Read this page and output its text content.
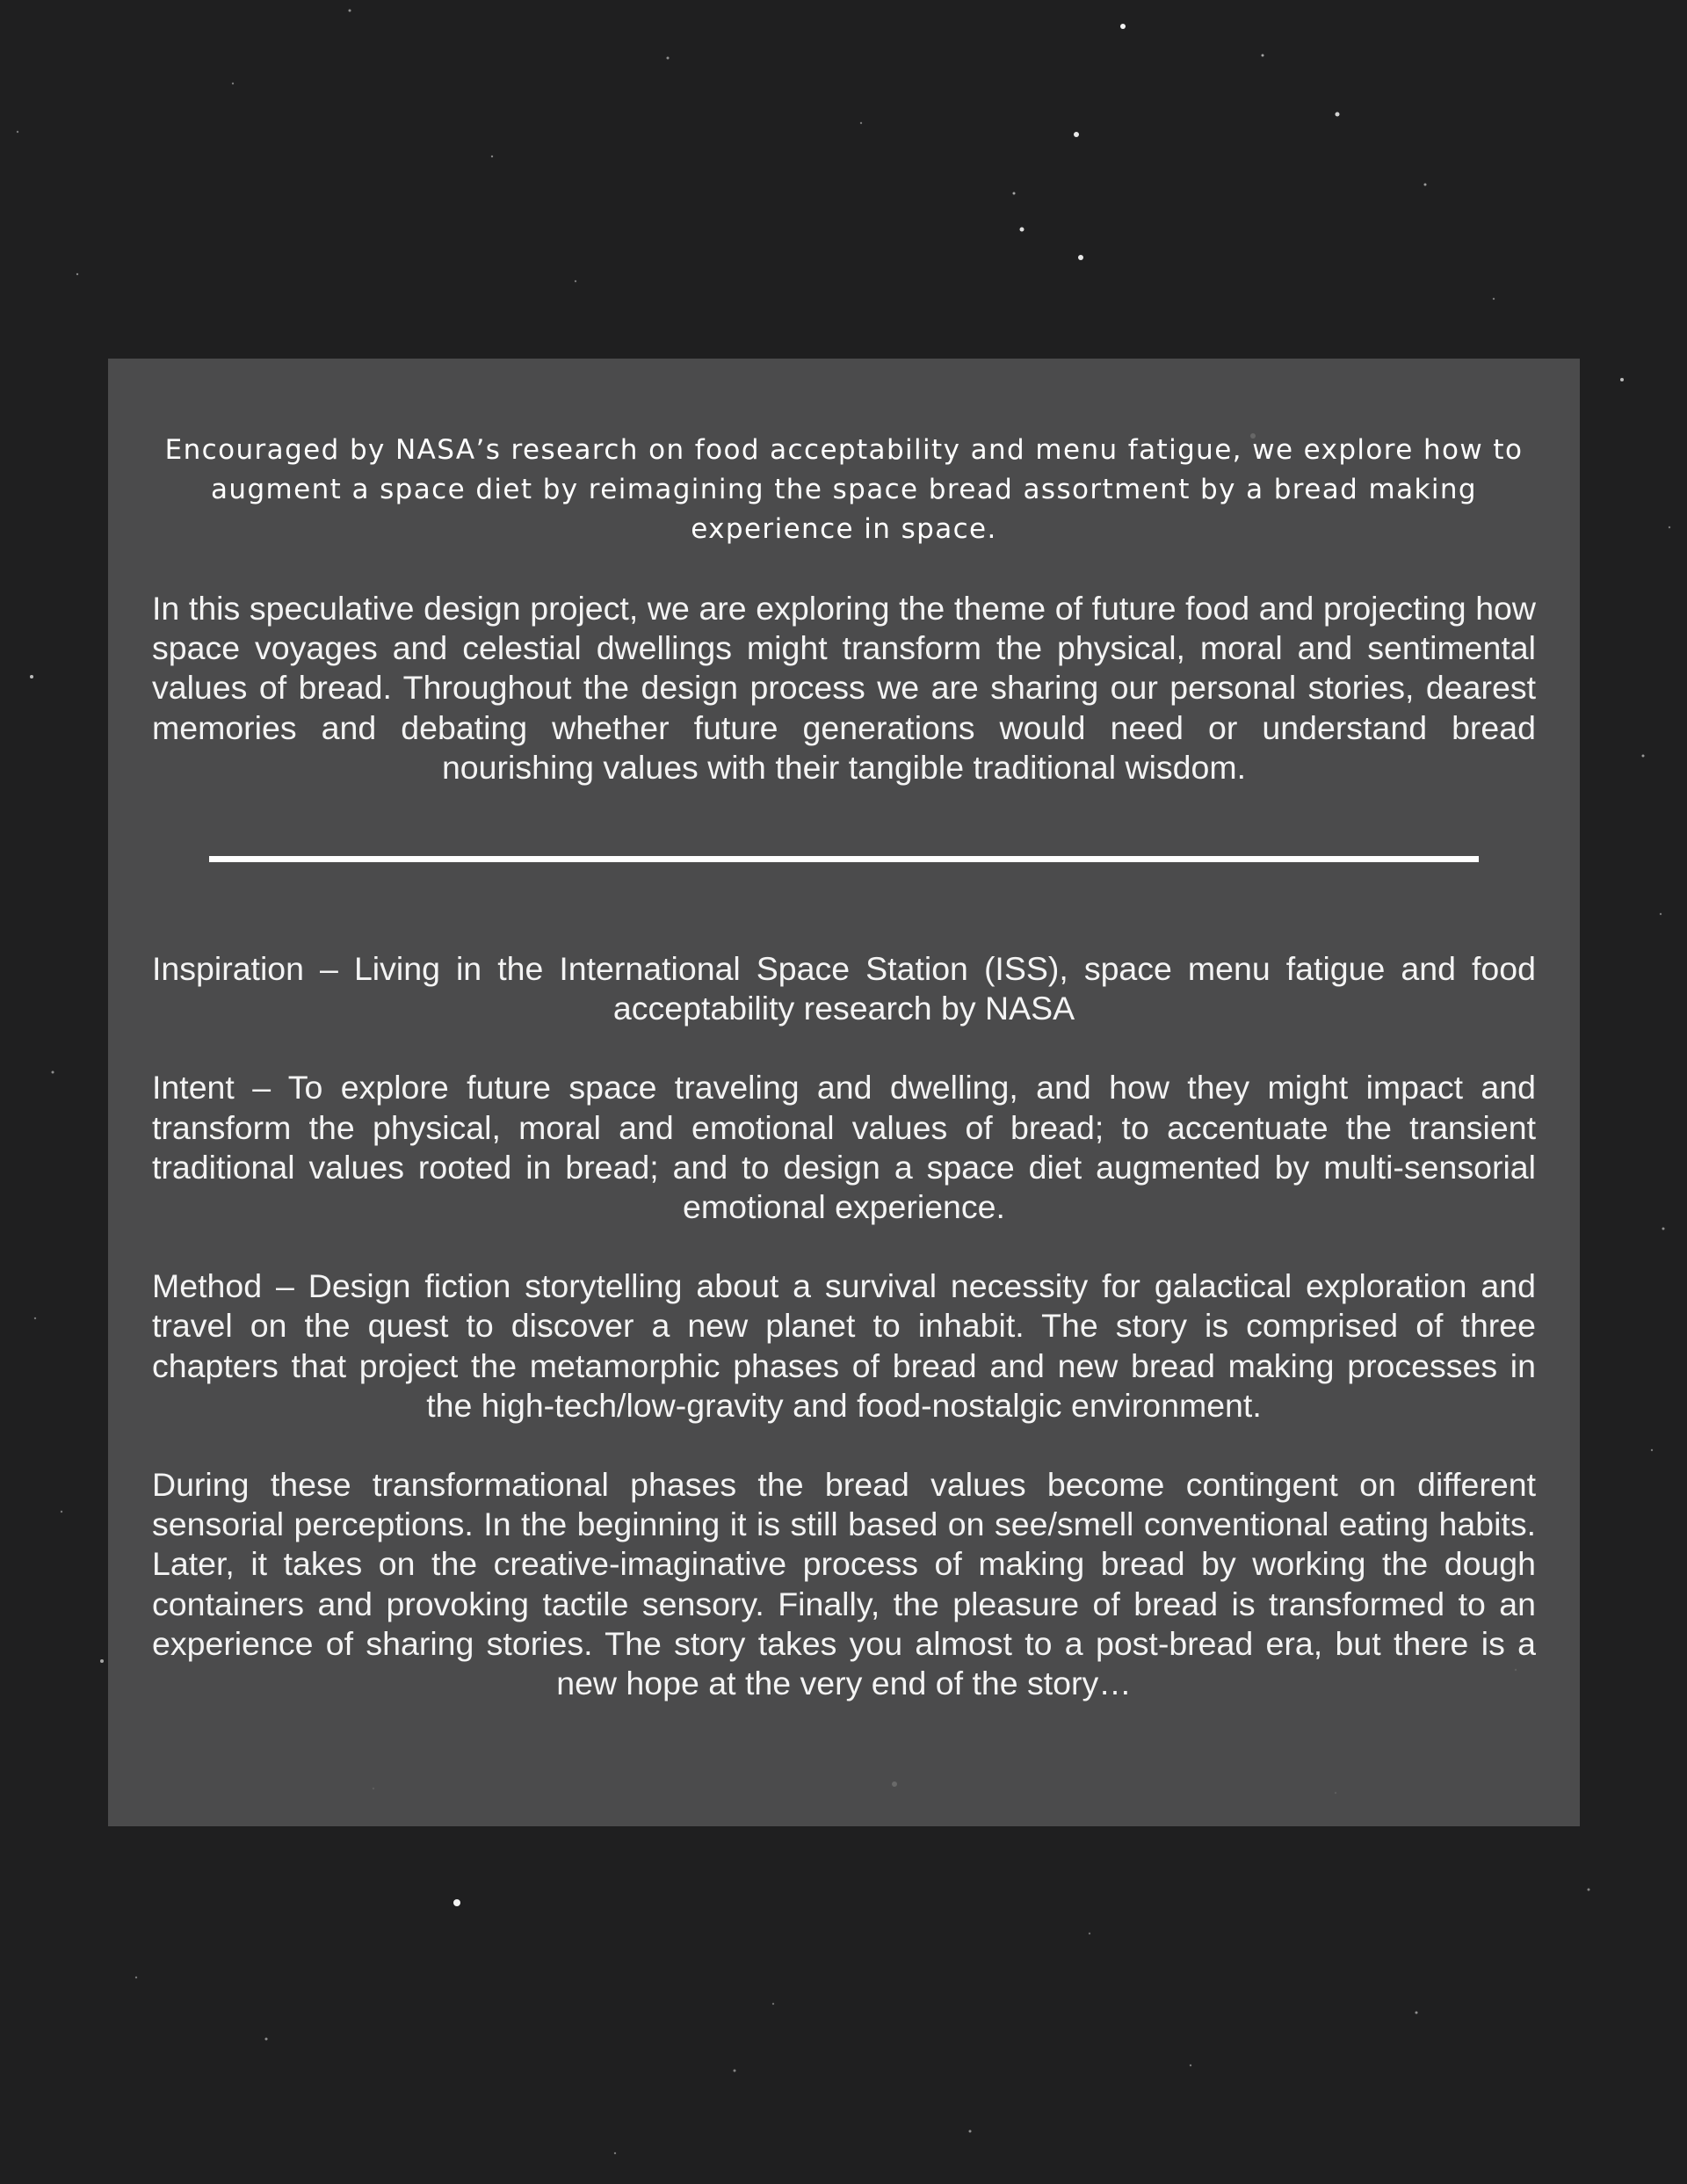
Encouraged by NASA’s research on food acceptability and menu fatigue, we explore how to augment a space diet by reimagining the space bread assortment by a bread making experience in space.

In this speculative design project, we are exploring the theme of future food and projecting how space voyages and celestial dwellings might transform the physical, moral and sentimental values of bread. Throughout the design process we are sharing our personal stories, dearest memories and debating whether future generations would need or understand bread nourishing values with their tangible traditional wisdom.

Inspiration – Living in the International Space Station (ISS), space menu fatigue and food acceptability research by NASA

Intent – To explore future space traveling and dwelling, and how they might impact and transform the physical, moral and emotional values of bread; to accentuate the transient traditional values rooted in bread; and to design a space diet augmented by multi-sensorial emotional experience.

Method – Design fiction storytelling about a survival necessity for galactical exploration and travel on the quest to discover a new planet to inhabit. The story is comprised of three chapters that project the metamorphic phases of bread and new bread making processes in the high-tech/low-gravity and food-nostalgic environment.

During these transformational phases the bread values become contingent on different sensorial perceptions. In the beginning it is still based on see/smell conventional eating habits. Later, it takes on the creative-imaginative process of making bread by working the dough containers and provoking tactile sensory. Finally, the pleasure of bread is transformed to an experience of sharing stories. The story takes you almost to a post-bread era, but there is a new hope at the very end of the story…
